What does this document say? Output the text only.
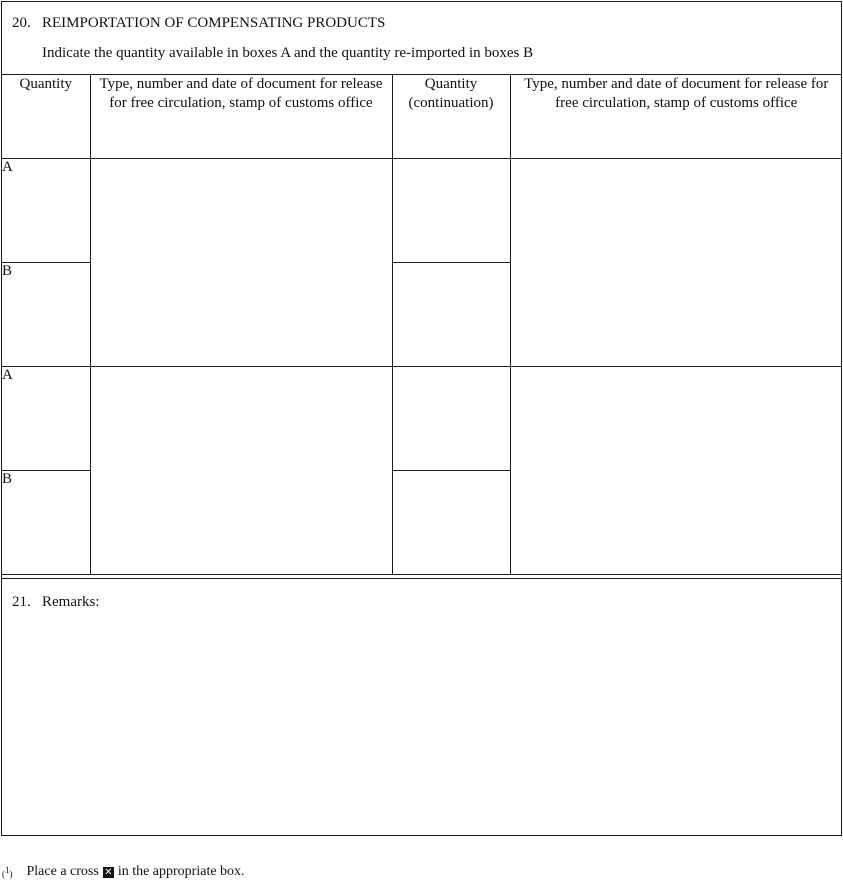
20. REIMPORTATION OF COMPENSATING PRODUCTS
Indicate the quantity available in boxes A and the quantity re-imported in boxes B
Quantity	Type, number and date of document for release for free circulation, stamp of customs office	Quantity (continuation)	Type, number and date of document for release for free circulation, stamp of customs office
A			
B			
A			
B			
21. Remarks:
($^1$) Place a cross ✕ in the appropriate box.
